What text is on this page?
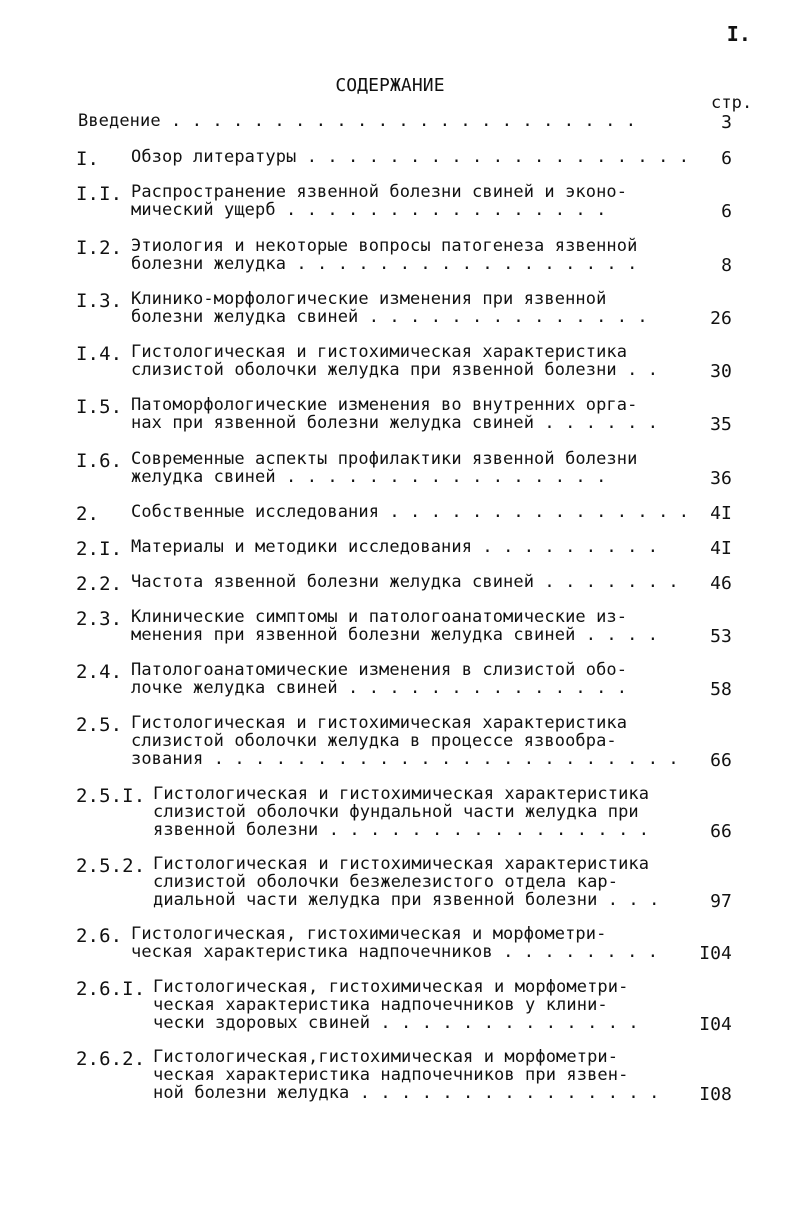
I.
СОДЕРЖАНИЕ
стр.
Введение . . . . . . . . . . . . . . . . . . . . . . .	3
I. Обзор литературы . . . . . . . . . . . . . . . . . . . 6
I.I. Распространение язвенной болезни свиней и эконо-
мический ущерб . . . . . . . . . . . . . . . .	6
I.2. Этиология и некоторые вопросы патогенеза язвенной
болезни желудка . . . . . . . . . . . . . . . . .	8
I.3. Клинико-морфологические изменения при язвенной
болезни желудка свиней . . . . . . . . . . . . . .	26
I.4. Гистологическая и гистохимическая характеристика
слизистой оболочки желудка при язвенной болезни . .	30
I.5. Патоморфологические изменения во внутренних орга-
нах при язвенной болезни желудка свиней . . . . . .	35
I.6. Современные аспекты профилактики язвенной болезни
желудка свиней . . . . . . . . . . . . . . . .	36
2. Собственные исследования . . . . . . . . . . . . . . . 4I
2.I. Материалы и методики исследования . . . . . . . . .	4I
2.2. Частота язвенной болезни желудка свиней . . . . . . . 46
2.3. Клинические симптомы и патологоанатомические из-
менения при язвенной болезни желудка свиней . . . .	53
2.4. Патологоанатомические изменения в слизистой обо-
лочке желудка свиней . . . . . . . . . . . . . .	58
2.5. Гистологическая и гистохимическая характеристика
слизистой оболочки желудка в процессе язвообра-
зования . . . . . . . . . . . . . . . . . . . . . . . 66
2.5.I. Гистологическая и гистохимическая характеристика
слизистой оболочки фундальной части желудка при
язвенной болезни . . . . . . . . . . . . . . . .	66
2.5.2. Гистологическая и гистохимическая характеристика
слизистой оболочки безжелезистого отдела кар-
диальной части желудка при язвенной болезни . . .	97
2.6. Гистологическая, гистохимическая и морфометри-
ческая характеристика надпочечников . . . . . . . . I04
2.6.I. Гистологическая, гистохимическая и морфометри-
ческая характеристика надпочечников у клини-
чески здоровых свиней . . . . . . . . . . . . .	I04
2.6.2. Гистологическая,гистохимическая и морфометри-
ческая характеристика надпочечников при язвен-
ной болезни желудка . . . . . . . . . . . . . . . I08
